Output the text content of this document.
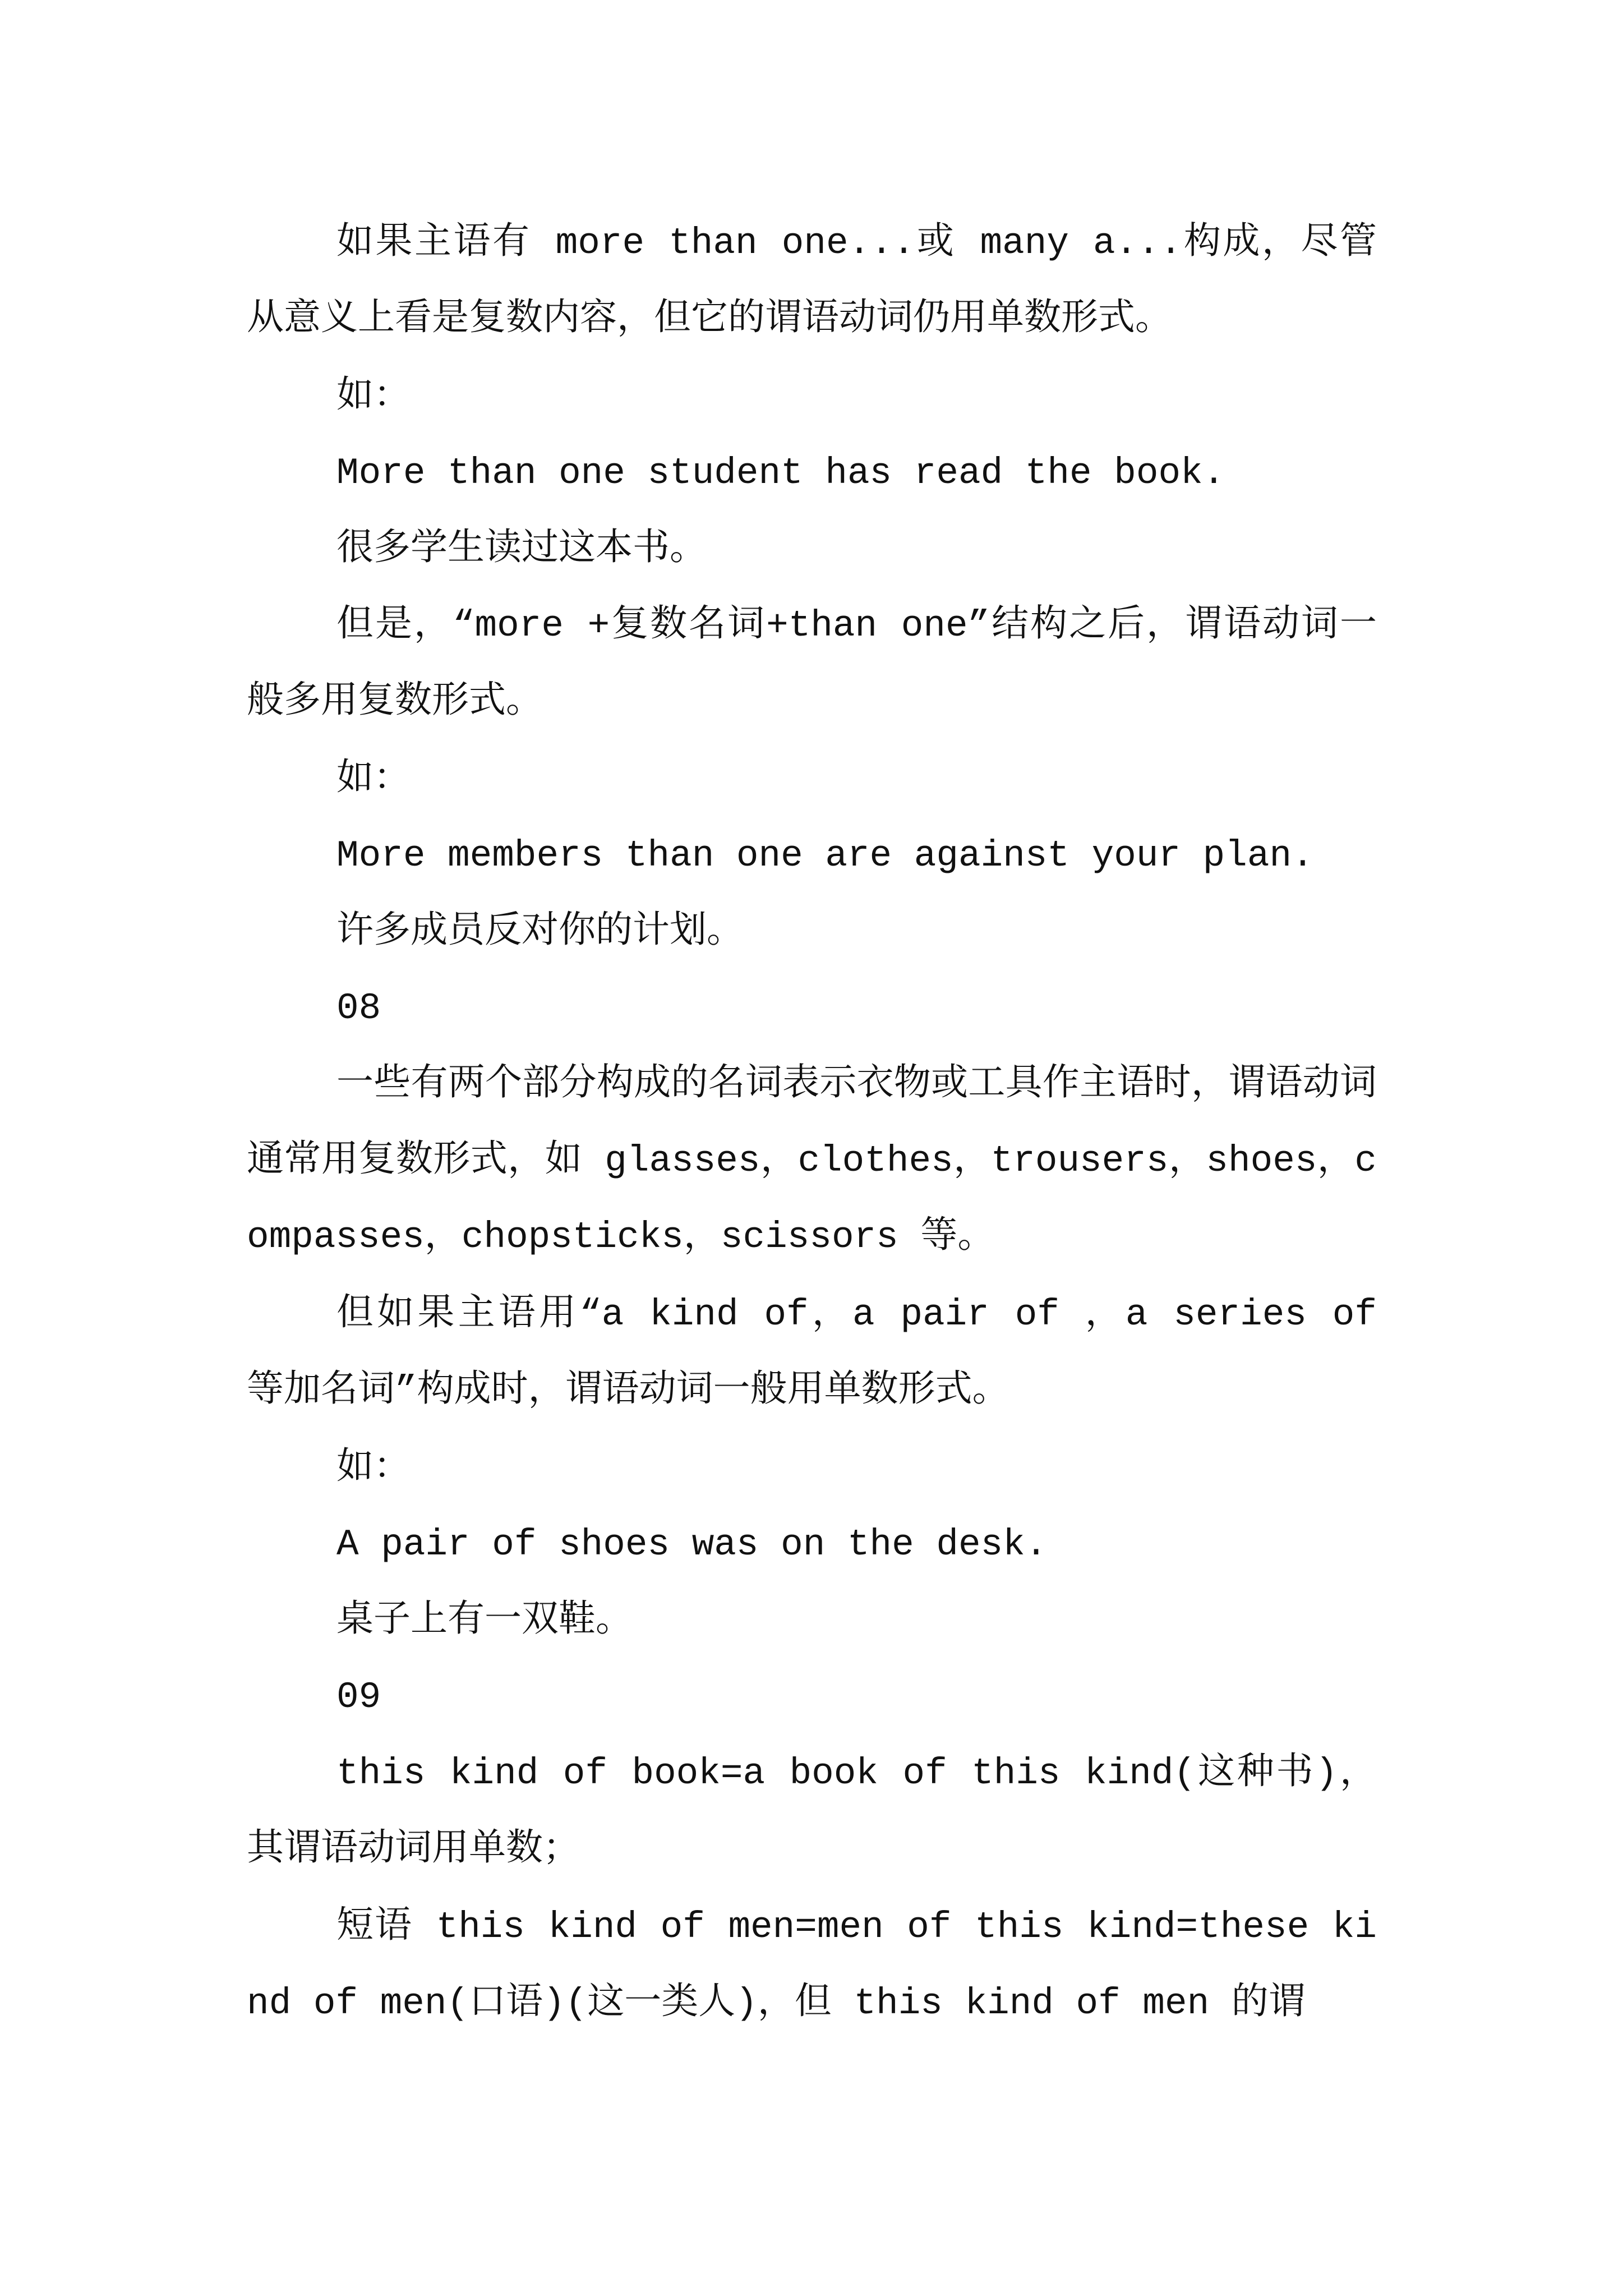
如果主语有 more than one...或 many a...构成，尽管从意义上看是复数内容，但它的谓语动词仍用单数形式。

如：

More than one student has read the book.

很多学生读过这本书。

但是，“more +复数名词+than one”结构之后，谓语动词一般多用复数形式。

如：

More members than one are against your plan.

许多成员反对你的计划。

08

一些有两个部分构成的名词表示衣物或工具作主语时，谓语动词通常用复数形式，如 glasses，clothes，trousers，shoes，compasses，chopsticks，scissors 等。

但如果主语用“a kind of，a pair of ，a series of 等加名词”构成时，谓语动词一般用单数形式。

如：

A pair of shoes was on the desk.

桌子上有一双鞋。

09

this kind of book=a book of this kind(这种书)，其谓语动词用单数；

短语 this kind of men=men of this kind=these kind of men(口语)(这一类人)，但 this kind of men 的谓
